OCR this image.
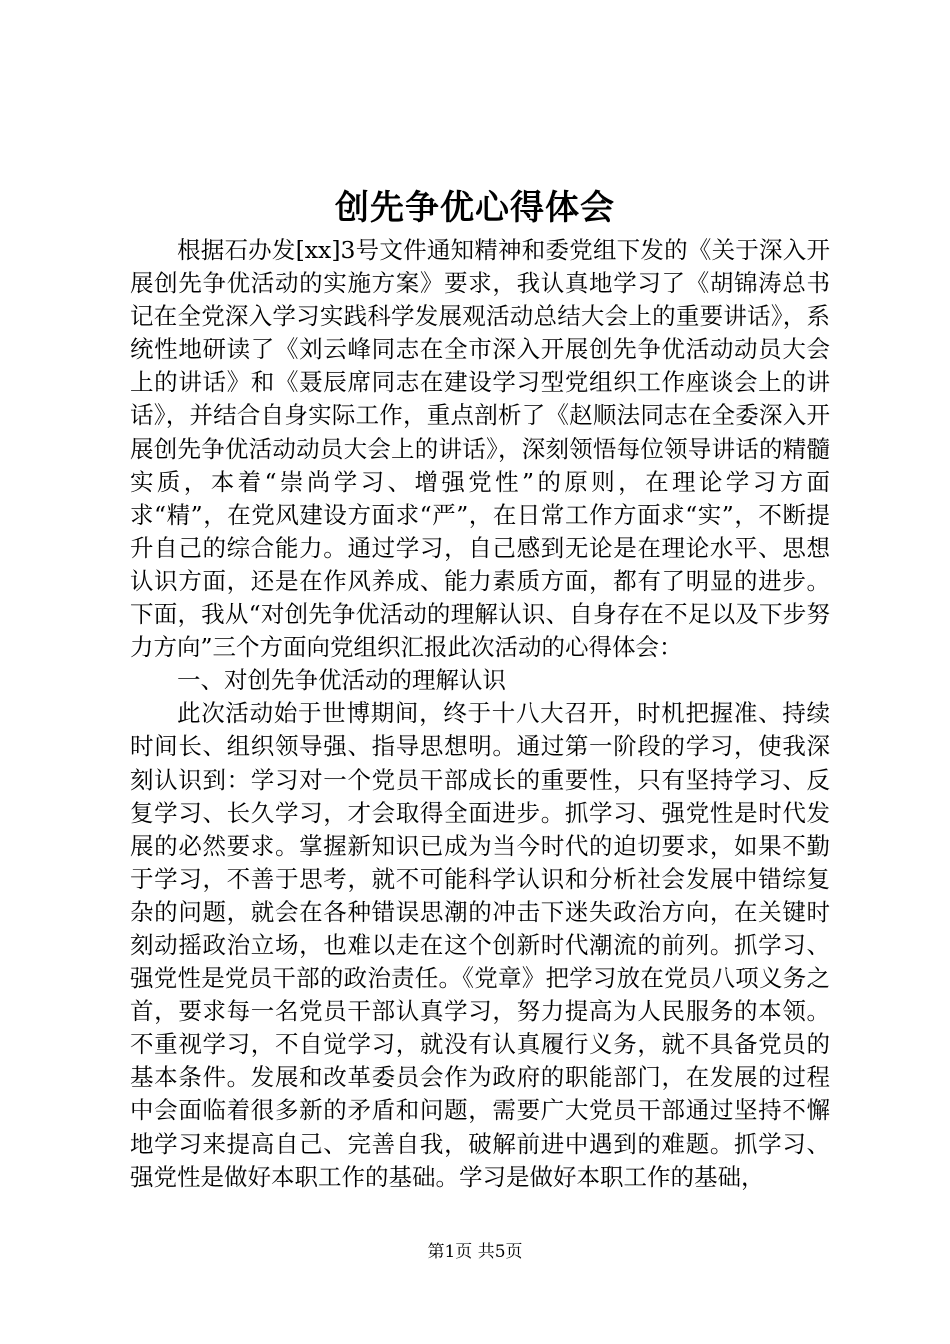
创先争优心得体会

根据石办发[xx]3号文件通知精神和委党组下发的《关于深入开展创先争优活动的实施方案》要求，我认真地学习了《胡锦涛总书记在全党深入学习实践科学发展观活动总结大会上的重要讲话》，系统性地研读了《刘云峰同志在全市深入开展创先争优活动动员大会上的讲话》和《聂辰席同志在建设学习型党组织工作座谈会上的讲话》，并结合自身实际工作，重点剖析了《赵顺法同志在全委深入开展创先争优活动动员大会上的讲话》，深刻领悟每位领导讲话的精髓实质，本着“崇尚学习、增强党性”的原则，在理论学习方面求“精”，在党风建设方面求“严”，在日常工作方面求“实”，不断提升自己的综合能力。通过学习，自己感到无论是在理论水平、思想认识方面，还是在作风养成、能力素质方面，都有了明显的进步。下面，我从“对创先争优活动的理解认识、自身存在不足以及下步努力方向”三个方面向党组织汇报此次活动的心得体会：

一、对创先争优活动的理解认识

此次活动始于世博期间，终于十八大召开，时机把握准、持续时间长、组织领导强、指导思想明。通过第一阶段的学习，使我深刻认识到：学习对一个党员干部成长的重要性，只有坚持学习、反复学习、长久学习，才会取得全面进步。抓学习、强党性是时代发展的必然要求。掌握新知识已成为当今时代的迫切要求，如果不勤于学习，不善于思考，就不可能科学认识和分析社会发展中错综复杂的问题，就会在各种错误思潮的冲击下迷失政治方向，在关键时刻动摇政治立场，也难以走在这个创新时代潮流的前列。抓学习、强党性是党员干部的政治责任。《党章》把学习放在党员八项义务之首，要求每一名党员干部认真学习，努力提高为人民服务的本领。不重视学习，不自觉学习，就没有认真履行义务，就不具备党员的基本条件。发展和改革委员会作为政府的职能部门，在发展的过程中会面临着很多新的矛盾和问题，需要广大党员干部通过坚持不懈地学习来提高自己、完善自我，破解前进中遇到的难题。抓学习、强党性是做好本职工作的基础。学习是做好本职工作的基础，

第1页 共5页
